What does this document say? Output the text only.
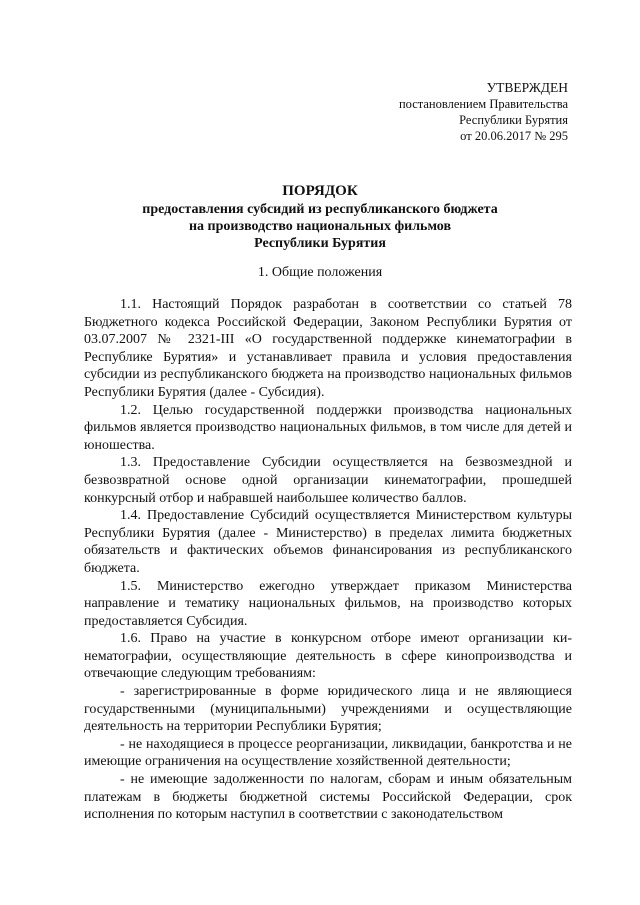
УТВЕРЖДЕН
постановлением Правительства
Республики Бурятия
от 20.06.2017 № 295
ПОРЯДОК
предоставления субсидий из республиканского бюджета
на производство национальных фильмов
Республики Бурятия
1. Общие положения

1.1. Настоящий Порядок разработан в соответствии со статьей 78 Бюджетного кодекса Российской Федерации, Законом Республики Бурятия от 03.07.2007 № 2321-III «О государственной поддержке кинематографии в Республике Бурятия» и устанавливает правила и условия предоставления субсидии из республиканского бюджета на производство национальных фильмов Республики Бурятия (далее - Субсидия).

1.2. Целью государственной поддержки производства национальных фильмов является производство национальных фильмов, в том числе для детей и юношества.

1.3. Предоставление Субсидии осуществляется на безвозмездной и безвозвратной основе одной организации кинематографии, прошедшей конкурсный отбор и набравшей наибольшее количество баллов.

1.4. Предоставление Субсидий осуществляется Министерством культуры Республики Бурятия (далее - Министерство) в пределах лимита бюджетных обязательств и фактических объемов финансирования из республиканского бюджета.

1.5. Министерство ежегодно утверждает приказом Министерства направление и тематику национальных фильмов, на производство которых предоставляется Субсидия.

1.6. Право на участие в конкурсном отборе имеют организации кинематографии, осуществляющие деятельность в сфере кинопроизводства и отвечающие следующим требованиям:

- зарегистрированные в форме юридического лица и не являющиеся государственными (муниципальными) учреждениями и осуществляющие деятельность на территории Республики Бурятия;

- не находящиеся в процессе реорганизации, ликвидации, банкротства и не имеющие ограничения на осуществление хозяйственной деятельности;

- не имеющие задолженности по налогам, сборам и иным обязательным платежам в бюджеты бюджетной системы Российской Федерации, срок исполнения по которым наступил в соответствии с законодательством
